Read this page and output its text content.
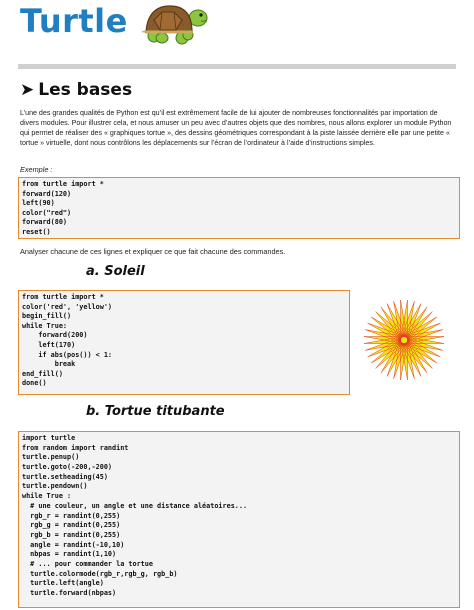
Turtle
➤ Les bases

L’une des grandes qualités de Python est qu’il est extrêmement facile de lui ajouter de nombreuses fonctionnalités par importation de divers modules. Pour illustrer cela, et nous amuser un peu avec d’autres objets que des nombres, nous allons explorer un module Python qui permet de réaliser des « graphiques tortue », des dessins géométriques correspondant à la piste laissée derrière elle par une petite « tortue » virtuelle, dont nous contrôlons les déplacements sur l’écran de l’ordinateur à l’aide d’instructions simples.

Exemple :

from turtle import *
forward(120)
left(90)
color("red")
forward(80)
reset()

Analyser chacune de ces lignes et expliquer ce que fait chacune des commandes.

a. Soleil
from turtle import *
color('red', 'yellow')
begin_fill()
while True:
forward(200)
left(170)
if abs(pos()) < 1:
break
end_fill()
done()
b. Tortue titubante
import turtle
from random import randint
turtle.penup()
turtle.goto(-200,-200)
turtle.setheading(45)
turtle.pendown()
while True :
# une couleur, un angle et une distance aléatoires...
rgb_r = randint(0,255)
rgb_g = randint(0,255)
rgb_b = randint(0,255)
angle = randint(-10,10)
nbpas = randint(1,10)
# ... pour commander la tortue
turtle.colormode(rgb_r,rgb_g, rgb_b)
turtle.left(angle)
turtle.forward(nbpas)
